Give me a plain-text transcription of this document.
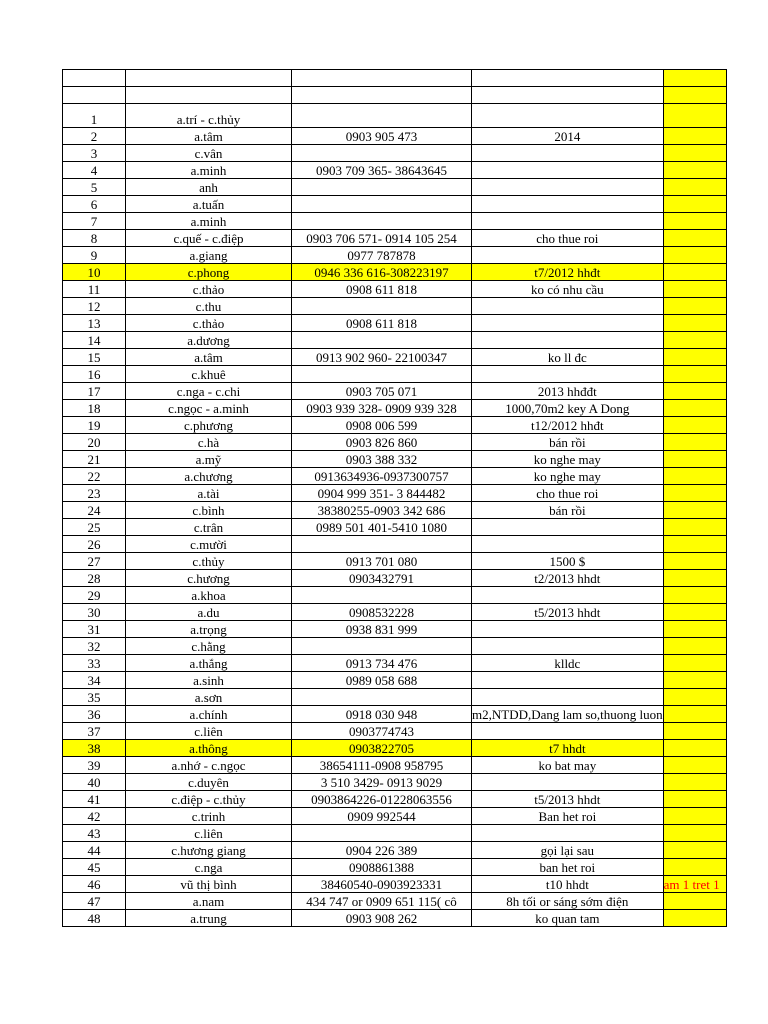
1	a.trí - c.thủy			
2	a.tâm	0903 905 473	2014	
3	c.vân			
4	a.minh	0903 709 365- 38643645		
5	anh			
6	a.tuấn			
7	a.minh			
8	c.quế - c.điệp	0903 706 571- 0914 105 254	cho thue roi	
9	a.giang	0977 787878		
10	c.phong	0946 336 616-308223197	t7/2012 hhđt	
11	c.thảo	0908 611 818	ko có nhu cầu	
12	c.thu			
13	c.thảo	0908 611 818		
14	a.dương			
15	a.tâm	0913 902 960- 22100347	ko ll đc	
16	c.khuê			
17	c.nga - c.chi	0903 705 071	2013 hhđđt	
18	c.ngọc - a.minh	0903 939 328- 0909 939 328	1000,70m2 key A Dong	
19	c.phương	0908 006 599	t12/2012 hhđt	
20	c.hà	0903 826 860	bán rồi	
21	a.mỹ	0903 388 332	ko nghe may	
22	a.chương	0913634936-0937300757	ko nghe may	
23	a.tài	0904 999 351- 3 844482	cho thue roi	
24	c.bình	38380255-0903 342 686	bán rồi	
25	c.trân	0989 501 401-5410 1080		
26	c.mười			
27	c.thủy	0913 701 080	1500 $	
28	c.hương	0903432791	t2/2013 hhdt	
29	a.khoa			
30	a.du	0908532228	t5/2013 hhdt	
31	a.trọng	0938 831 999		
32	c.hằng			
33	a.thắng	0913 734 476	klldc	
34	a.sinh	0989 058 688		
35	a.sơn			
36	a.chính	0918 030 948	m2,NTDD,Dang lam so,thuong luon	
37	c.liên	0903774743		
38	a.thông	0903822705	t7 hhdt	
39	a.nhớ - c.ngọc	38654111-0908 958795	ko bat may	
40	c.duyên	3 510 3429- 0913 9029		
41	c.điệp - c.thủy	0903864226-01228063556	t5/2013 hhdt	
42	c.trinh	0909 992544	Ban het roi	
43	c.liên			
44	c.hương giang	0904 226 389	gọi lại sau	
45	c.nga	0908861388	ban het roi	
46	vũ thị bình	38460540-0903923331	t10 hhdt	am 1 tret 1
47	a.nam	434 747 or 0909 651 115( cô	8h tối or sáng sớm điện	
48	a.trung	0903 908 262	ko quan tam	
